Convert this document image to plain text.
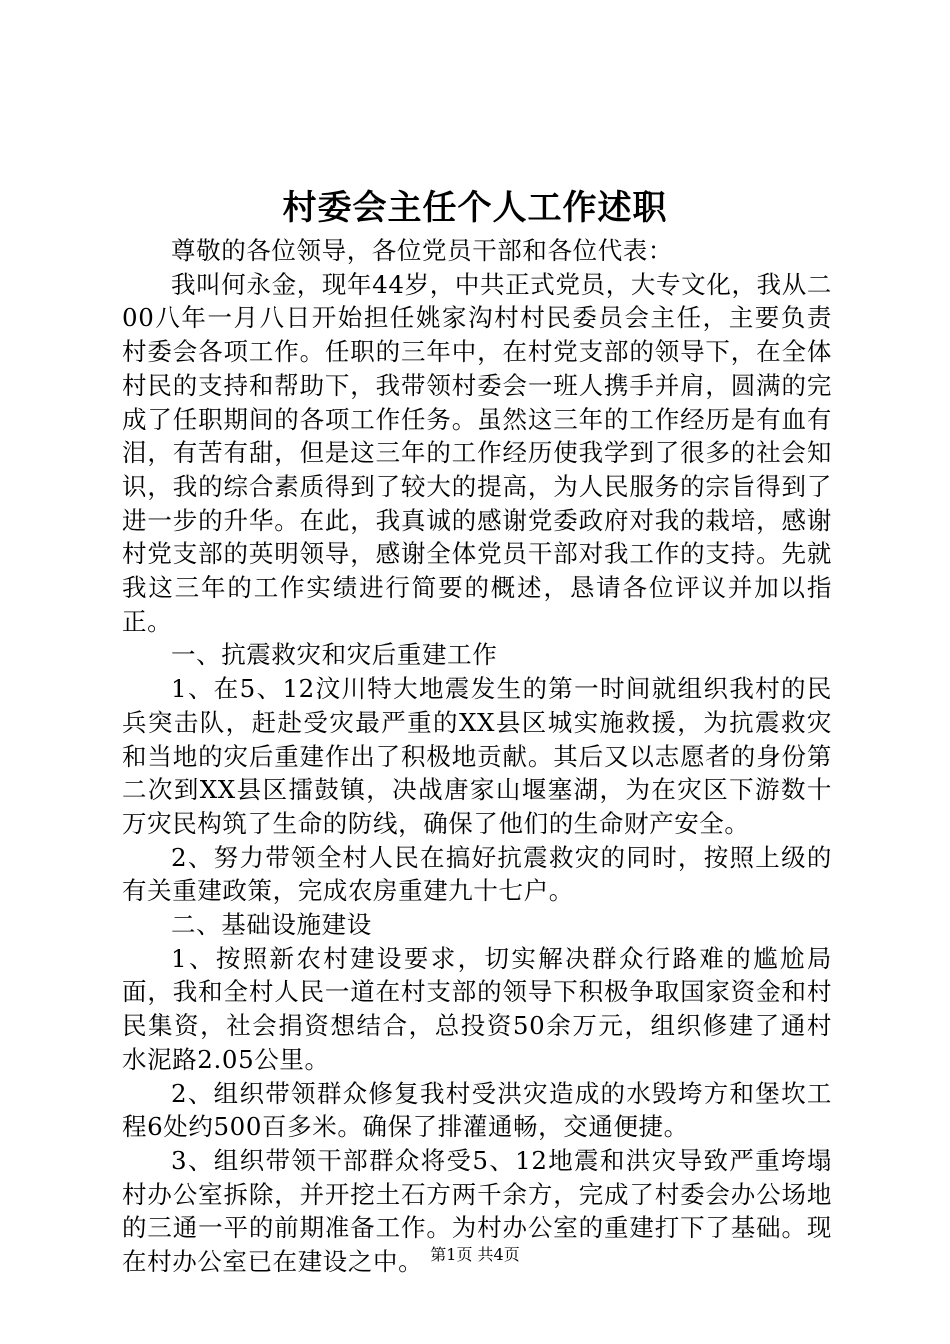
村委会主任个人工作述职

尊敬的各位领导，各位党员干部和各位代表：

我叫何永金，现年44岁，中共正式党员，大专文化，我从二00八年一月八日开始担任姚家沟村村民委员会主任，主要负责村委会各项工作。任职的三年中，在村党支部的领导下，在全体村民的支持和帮助下，我带领村委会一班人携手并肩，圆满的完成了任职期间的各项工作任务。虽然这三年的工作经历是有血有泪，有苦有甜，但是这三年的工作经历使我学到了很多的社会知识，我的综合素质得到了较大的提高，为人民服务的宗旨得到了进一步的升华。在此，我真诚的感谢党委政府对我的栽培，感谢村党支部的英明领导，感谢全体党员干部对我工作的支持。先就我这三年的工作实绩进行简要的概述，恳请各位评议并加以指正。

一、抗震救灾和灾后重建工作

1、在5、12汶川特大地震发生的第一时间就组织我村的民兵突击队，赶赴受灾最严重的XX县区城实施救援，为抗震救灾和当地的灾后重建作出了积极地贡献。其后又以志愿者的身份第二次到XX县区擂鼓镇，决战唐家山堰塞湖，为在灾区下游数十万灾民构筑了生命的防线，确保了他们的生命财产安全。

2、努力带领全村人民在搞好抗震救灾的同时，按照上级的有关重建政策，完成农房重建九十七户。

二、基础设施建设

1、按照新农村建设要求，切实解决群众行路难的尴尬局面，我和全村人民一道在村支部的领导下积极争取国家资金和村民集资，社会捐资想结合，总投资50余万元，组织修建了通村水泥路2.05公里。

2、组织带领群众修复我村受洪灾造成的水毁垮方和堡坎工程6处约500百多米。确保了排灌通畅，交通便捷。

3、组织带领干部群众将受5、12地震和洪灾导致严重垮塌村办公室拆除，并开挖土石方两千余方，完成了村委会办公场地的三通一平的前期准备工作。为村办公室的重建打下了基础。现在村办公室已在建设之中。 第1页 共4页
